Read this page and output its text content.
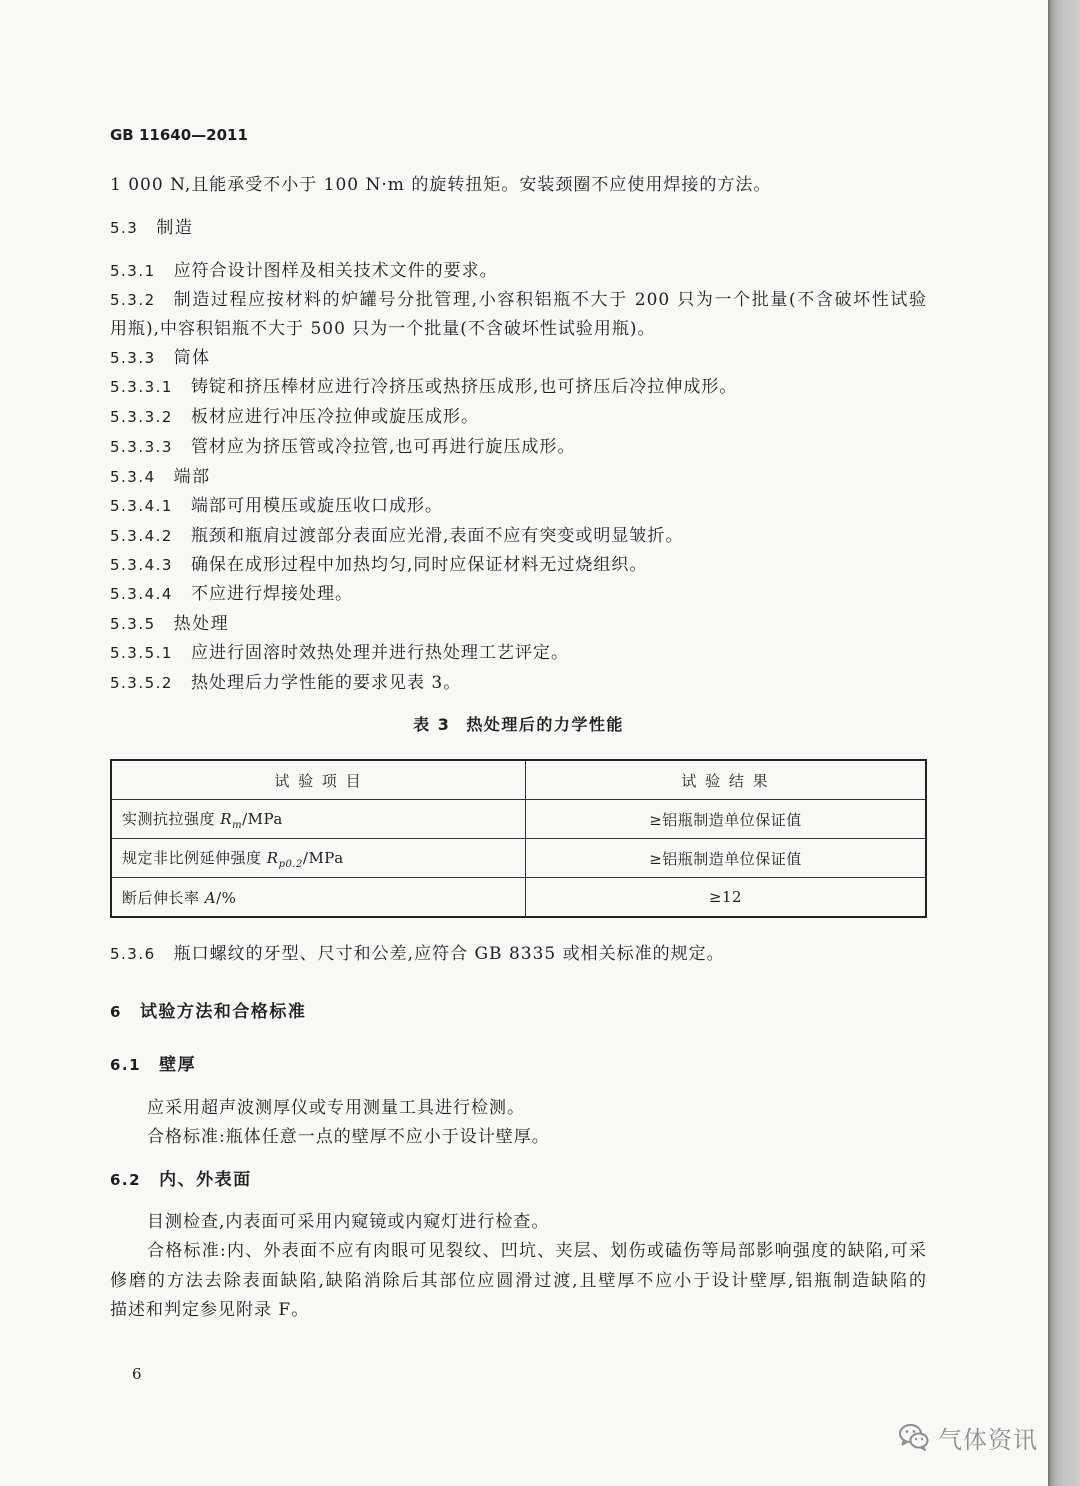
GB 11640—2011
1 000 N,且能承受不小于 100 N·m 的旋转扭矩。安装颈圈不应使用焊接的方法。
5.3 制造
5.3.1 应符合设计图样及相关技术文件的要求。
5.3.2 制造过程应按材料的炉罐号分批管理,小容积铝瓶不大于 200 只为一个批量(不含破坏性试验
用瓶),中容积铝瓶不大于 500 只为一个批量(不含破坏性试验用瓶)。
5.3.3 筒体
5.3.3.1 铸锭和挤压棒材应进行冷挤压或热挤压成形,也可挤压后冷拉伸成形。
5.3.3.2 板材应进行冲压冷拉伸或旋压成形。
5.3.3.3 管材应为挤压管或冷拉管,也可再进行旋压成形。
5.3.4 端部
5.3.4.1 端部可用模压或旋压收口成形。
5.3.4.2 瓶颈和瓶肩过渡部分表面应光滑,表面不应有突变或明显皱折。
5.3.4.3 确保在成形过程中加热均匀,同时应保证材料无过烧组织。
5.3.4.4 不应进行焊接处理。
5.3.5 热处理
5.3.5.1 应进行固溶时效热处理并进行热处理工艺评定。
5.3.5.2 热处理后力学性能的要求见表 3。
表 3 热处理后的力学性能
试 验 项 目	试 验 结 果
实测抗拉强度 $R_m$/MPa	≥铝瓶制造单位保证值
规定非比例延伸强度 $R_{p0.2}$/MPa	≥铝瓶制造单位保证值
断后伸长率 A/%	≥12
5.3.6 瓶口螺纹的牙型、尺寸和公差,应符合 GB 8335 或相关标准的规定。
6 试验方法和合格标准
6.1 壁厚
应采用超声波测厚仪或专用测量工具进行检测。
合格标准:瓶体任意一点的壁厚不应小于设计壁厚。
6.2 内、外表面
目测检查,内表面可采用内窥镜或内窥灯进行检查。
合格标准:内、外表面不应有肉眼可见裂纹、凹坑、夹层、划伤或磕伤等局部影响强度的缺陷,可采
修磨的方法去除表面缺陷,缺陷消除后其部位应圆滑过渡,且壁厚不应小于设计壁厚,铝瓶制造缺陷的
描述和判定参见附录 F。
6
气体资讯
